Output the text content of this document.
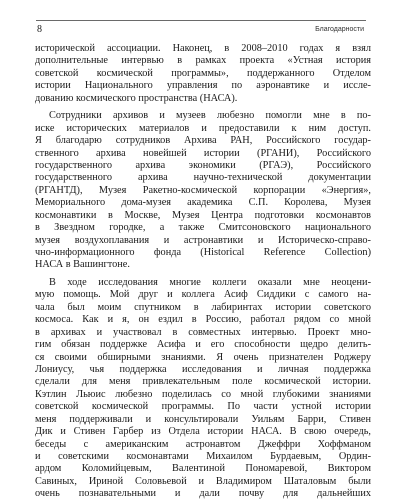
8	Благодарности
исторической ассоциации. Наконец, в 2008–2010 годах я взял
дополнительные интервью в рамках проекта «Устная история
советской космической программы», поддержанного Отделом
истории Национального управления по аэронавтике и иссле-
дованию космического пространства (НАСА).
Сотрудники архивов и музеев любезно помогли мне в по-
иске исторических материалов и предоставили к ним доступ.
Я благодарю сотрудников Архива РАН, Российского государ-
ственного архива новейшей истории (РГАНИ), Российского
государственного архива экономики (РГАЭ), Российского
государственного архива научно-технической документации
(РГАНТД), Музея Ракетно-космической корпорации «Энергия»,
Мемориального дома-музея академика С.П. Королева, Музея
космонавтики в Москве, Музея Центра подготовки космонавтов
в Звездном городке, а также Смитсоновского национального
музея воздухоплавания и астронавтики и Историческо-справо-
чно-информационного фонда (Historical Reference Collection)
НАСА в Вашингтоне.
В ходе исследования многие коллеги оказали мне неоцени-
мую помощь. Мой друг и коллега Асиф Сиддики с самого на-
чала был моим спутником в лабиринтах истории советского
космоса. Как и я, он ездил в Россию, работал рядом со мной
в архивах и участвовал в совместных интервью. Проект мно-
гим обязан поддержке Асифа и его способности щедро делить-
ся своими обширными знаниями. Я очень признателен Роджеру
Лониусу, чья поддержка исследования и личная поддержка
сделали для меня привлекательным поле космической истории.
Кэтлин Льюис любезно поделилась со мной глубокими знаниями
советской космической программы. По части устной истории
меня поддерживали и консультировали Уильям Барри, Стивен
Дик и Стивен Гарбер из Отдела истории НАСА. В свою очередь,
беседы с американским астронавтом Джеффри Хоффманом
и советскими космонавтами Михаилом Бурдаевым, Ордин-
ардом Коломийцевым, Валентиной Пономаревой, Виктором
Савиных, Ириной Соловьевой и Владимиром Шаталовым были
очень познавательными и дали почву для дальнейших
